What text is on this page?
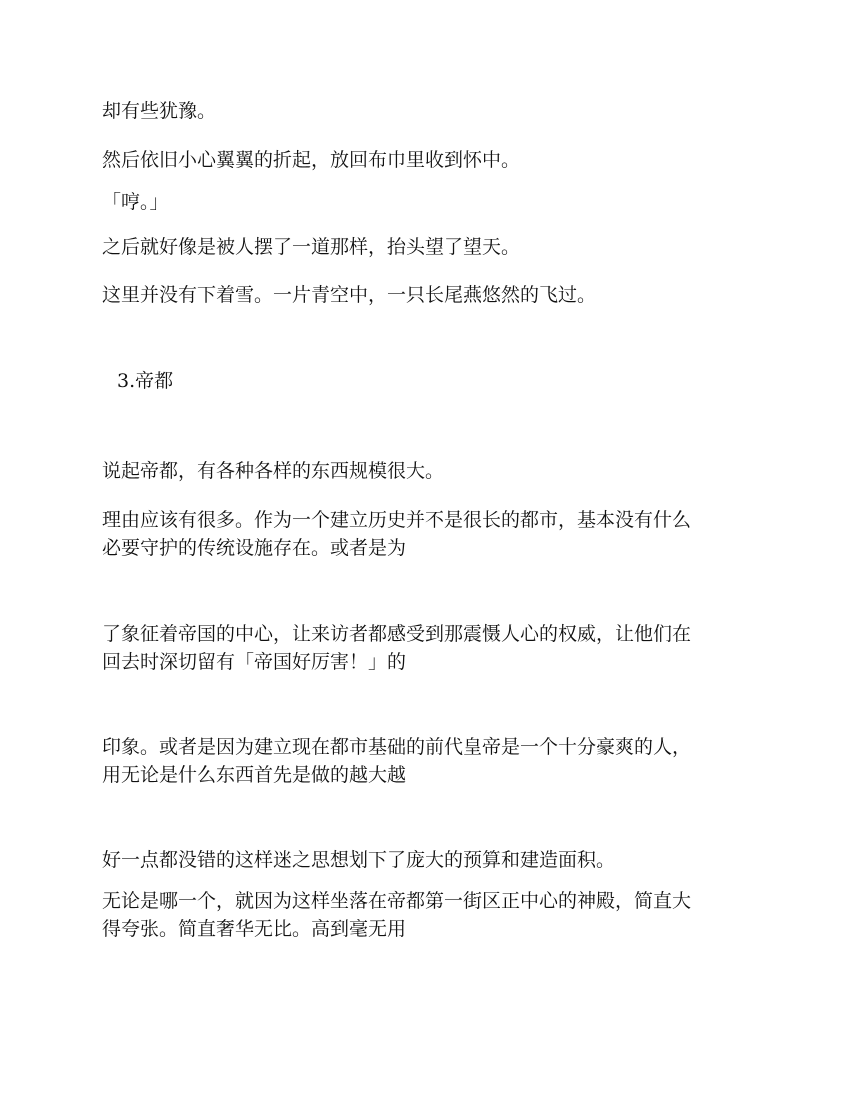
却有些犹豫。
然后依旧小心翼翼的折起，放回布巾里收到怀中。
「哼。」
之后就好像是被人摆了一道那样，抬头望了望天。
这里并没有下着雪。一片青空中，一只长尾燕悠然的飞过。
3.帝都
说起帝都，有各种各样的东西规模很大。
理由应该有很多。作为一个建立历史并不是很长的都市，基本没有什么
必要守护的传统设施存在。或者是为
了象征着帝国的中心，让来访者都感受到那震慑人心的权威，让他们在
回去时深切留有「帝国好厉害！」的
印象。或者是因为建立现在都市基础的前代皇帝是一个十分豪爽的人，
用无论是什么东西首先是做的越大越
好一点都没错的这样迷之思想划下了庞大的预算和建造面积。
无论是哪一个，就因为这样坐落在帝都第一街区正中心的神殿，简直大
得夸张。简直奢华无比。高到毫无用
